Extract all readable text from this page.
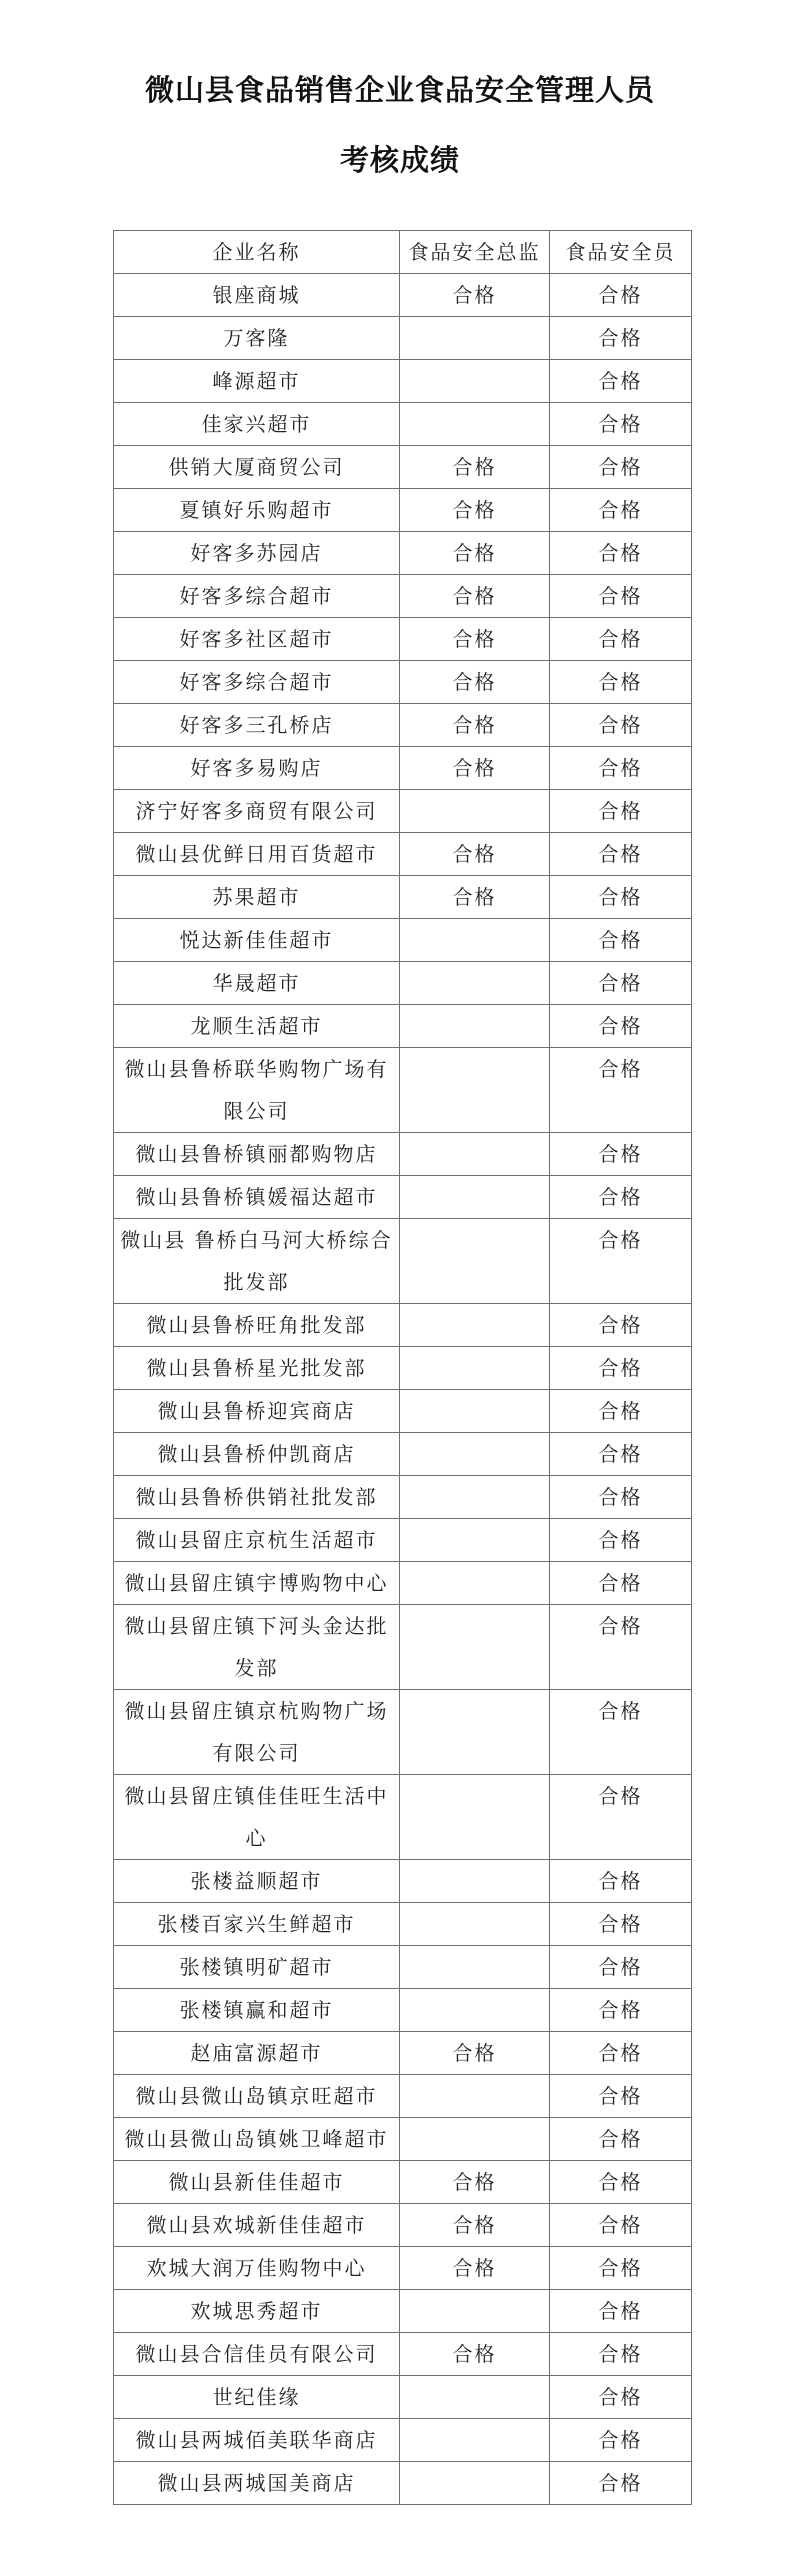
微山县食品销售企业食品安全管理人员
考核成绩
企业名称	食品安全总监	食品安全员
银座商城	合格	合格
万客隆		合格
峰源超市		合格
佳家兴超市		合格
供销大厦商贸公司	合格	合格
夏镇好乐购超市	合格	合格
好客多苏园店	合格	合格
好客多综合超市	合格	合格
好客多社区超市	合格	合格
好客多综合超市	合格	合格
好客多三孔桥店	合格	合格
好客多易购店	合格	合格
济宁好客多商贸有限公司		合格
微山县优鲜日用百货超市	合格	合格
苏果超市	合格	合格
悦达新佳佳超市		合格
华晟超市		合格
龙顺生活超市		合格
微山县鲁桥联华购物广场有限公司		合格
微山县鲁桥镇丽都购物店		合格
微山县鲁桥镇媛福达超市		合格
微山县 鲁桥白马河大桥综合批发部		合格
微山县鲁桥旺角批发部		合格
微山县鲁桥星光批发部		合格
微山县鲁桥迎宾商店		合格
微山县鲁桥仲凯商店		合格
微山县鲁桥供销社批发部		合格
微山县留庄京杭生活超市		合格
微山县留庄镇宇博购物中心		合格
微山县留庄镇下河头金达批发部		合格
微山县留庄镇京杭购物广场有限公司		合格
微山县留庄镇佳佳旺生活中心		合格
张楼益顺超市		合格
张楼百家兴生鲜超市		合格
张楼镇明矿超市		合格
张楼镇赢和超市		合格
赵庙富源超市	合格	合格
微山县微山岛镇京旺超市		合格
微山县微山岛镇姚卫峰超市		合格
微山县新佳佳超市	合格	合格
微山县欢城新佳佳超市	合格	合格
欢城大润万佳购物中心	合格	合格
欢城思秀超市		合格
微山县合信佳员有限公司	合格	合格
世纪佳缘		合格
微山县两城佰美联华商店		合格
微山县两城国美商店		合格
